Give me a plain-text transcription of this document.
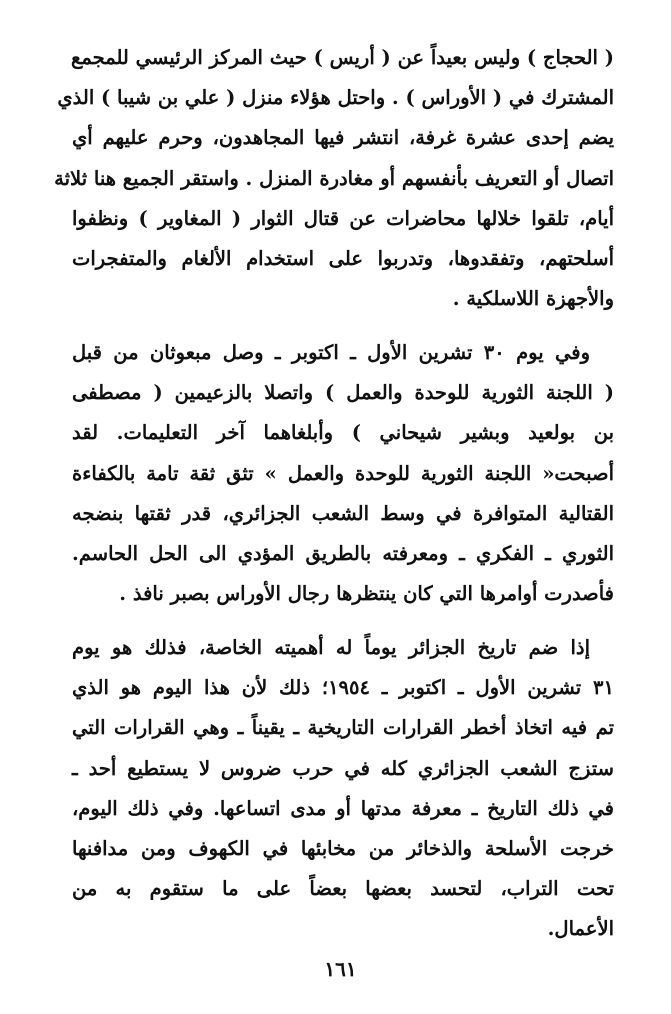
( الحجاج ) وليس بعيداً عن ( أريس ) حيث المركز الرئيسي للمجمع
المشترك في ( الأوراس ) . واحتل هؤلاء منزل ( علي بن شيبا ) الذي
يضم إحدى عشرة غرفة، انتشر فيها المجاهدون، وحرم عليهم أي
اتصال أو التعريف بأنفسهم أو مغادرة المنزل . واستقر الجميع هنا ثلاثة
أيام، تلقوا خلالها محاضرات عن قتال الثوار ( المغاوير ) ونظفوا
أسلحتهم، وتفقدوها، وتدربوا على استخدام الألغام والمتفجرات
والأجهزة اللاسلكية .
وفي يوم ٣٠ تشرين الأول ـ اكتوبر ـ وصل مبعوثان من قبل
( اللجنة الثورية للوحدة والعمل ) واتصلا بالزعيمين ( مصطفى
بن بولعيد وبشير شيحاني ) وأبلغاهما آخر التعليمات. لقد
أصبحت« اللجنة الثورية للوحدة والعمل » تثق ثقة تامة بالكفاءة
القتالية المتوافرة في وسط الشعب الجزائري، قدر ثقتها بنضجه
الثوري ـ الفكري ـ ومعرفته بالطريق المؤدي الى الحل الحاسم.
فأصدرت أوامرها التي كان ينتظرها رجال الأوراس بصبر نافذ .
إذا ضم تاريخ الجزائر يوماً له أهميته الخاصة، فذلك هو يوم
٣١ تشرين الأول ـ اكتوبر ـ ١٩٥٤؛ ذلك لأن هذا اليوم هو الذي
تم فيه اتخاذ أخطر القرارات التاريخية ـ يقيناً ـ وهي القرارات التي
ستزج الشعب الجزائري كله في حرب ضروس لا يستطيع أحد ـ
في ذلك التاريخ ـ معرفة مدتها أو مدى اتساعها. وفي ذلك اليوم،
خرجت الأسلحة والذخائر من مخابئها في الكهوف ومن مدافنها
تحت التراب، لتحسد بعضها بعضاً على ما ستقوم به من
الأعمال.
١٦١
